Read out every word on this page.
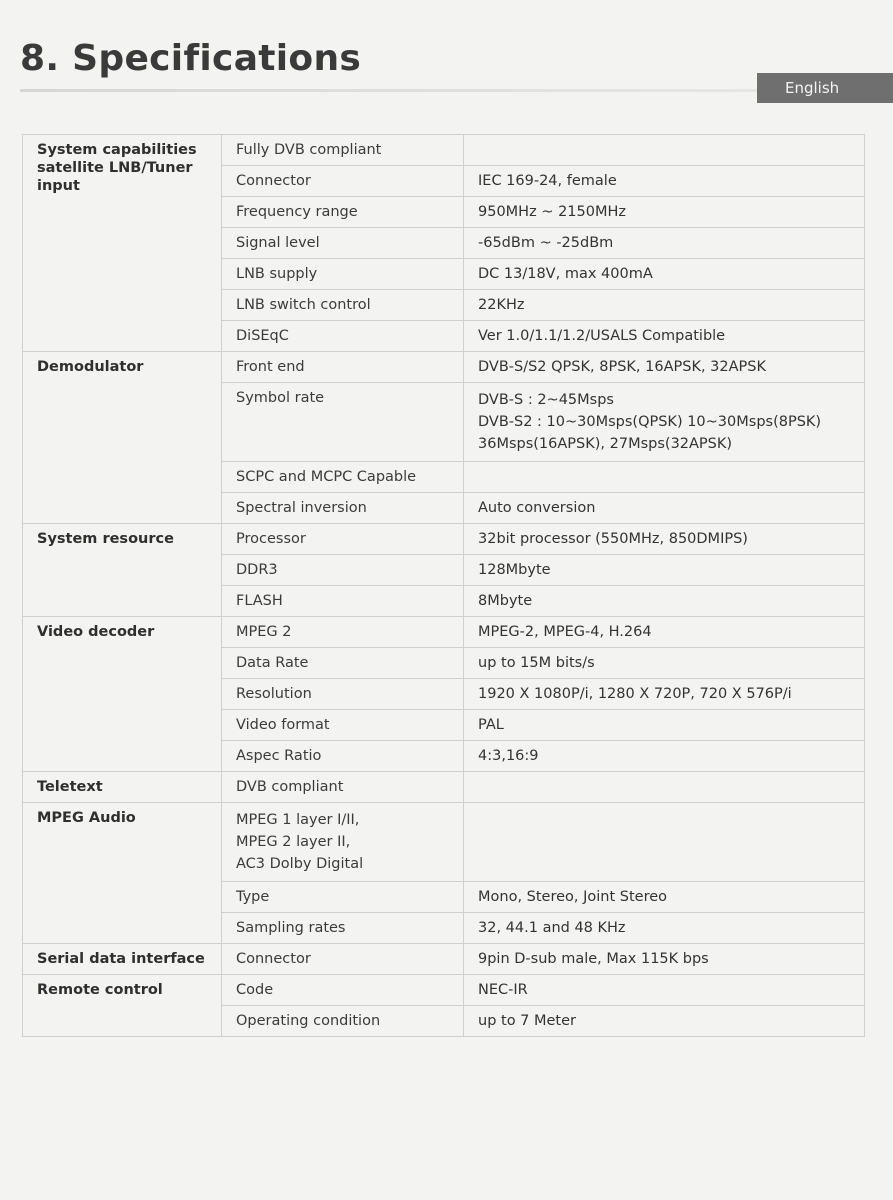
8. Specifications
English
System capabilities satellite LNB/Tuner input	Fully DVB compliant	
	Connector	IEC 169-24, female
	Frequency range	950MHz ~ 2150MHz
	Signal level	-65dBm ~ -25dBm
	LNB supply	DC 13/18V, max 400mA
	LNB switch control	22KHz
	DiSEqC	Ver 1.0/1.1/1.2/USALS Compatible
Demodulator	Front end	DVB-S/S2 QPSK, 8PSK, 16APSK, 32APSK
	Symbol rate	DVB-S : 2~45Msps
DVB-S2 : 10~30Msps(QPSK) 10~30Msps(8PSK)
36Msps(16APSK), 27Msps(32APSK)

	SCPC and MCPC Capable	
	Spectral inversion	Auto conversion
System resource	Processor	32bit processor (550MHz, 850DMIPS)
	DDR3	128Mbyte
	FLASH	8Mbyte
Video decoder	MPEG 2	MPEG-2, MPEG-4, H.264
	Data Rate	up to 15M bits/s
	Resolution	1920 X 1080P/i, 1280 X 720P, 720 X 576P/i
	Video format	PAL
	Aspec Ratio	4:3,16:9
Teletext	DVB compliant	
MPEG Audio	MPEG 1 layer I/II,
MPEG 2 layer II,
AC3 Dolby Digital	

	Type	Mono, Stereo, Joint Stereo
	Sampling rates	32, 44.1 and 48 KHz
Serial data interface	Connector	9pin D-sub male, Max 115K bps
Remote control	Code	NEC-IR
	Operating condition	up to 7 Meter
